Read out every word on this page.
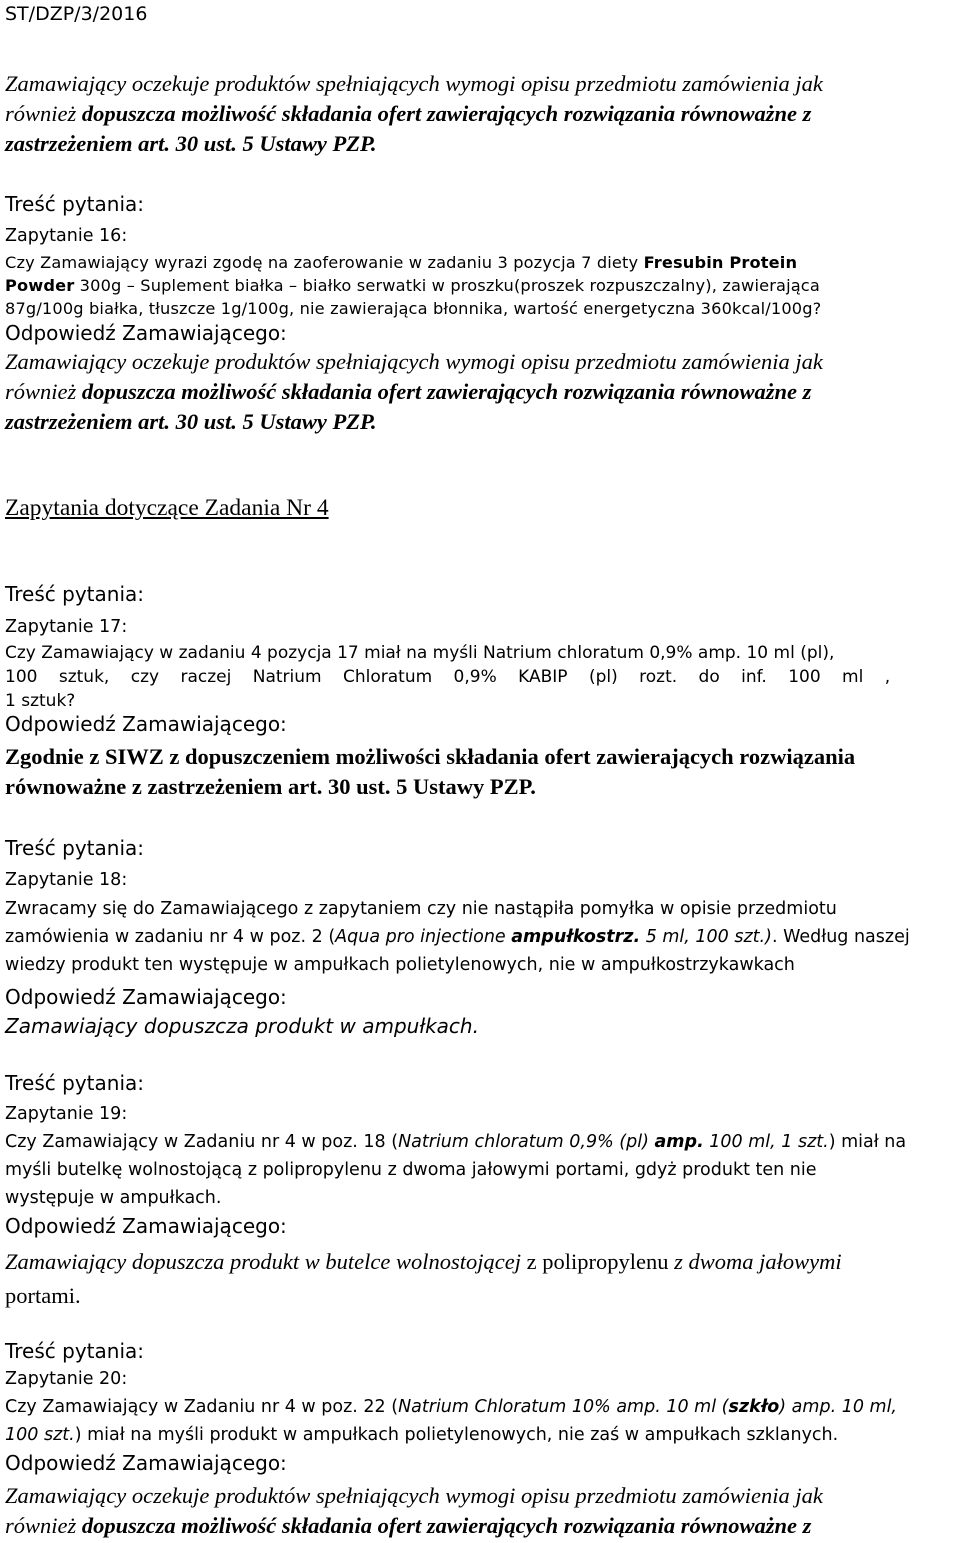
ST/DZP/3/2016
Zamawiający oczekuje produktów spełniających wymogi opisu przedmiotu zamówienia jak
również dopuszcza możliwość składania ofert zawierających rozwiązania równoważne z
zastrzeżeniem art. 30 ust. 5 Ustawy PZP.
Treść pytania:
Zapytanie 16:
Czy Zamawiający wyrazi zgodę na zaoferowanie w zadaniu 3 pozycja 7 diety Fresubin Protein
Powder 300g – Suplement białka – białko serwatki w proszku(proszek rozpuszczalny), zawierająca
87g/100g białka, tłuszcze 1g/100g, nie zawierająca błonnika, wartość energetyczna 360kcal/100g?
Odpowiedź Zamawiającego:
Zamawiający oczekuje produktów spełniających wymogi opisu przedmiotu zamówienia jak
również dopuszcza możliwość składania ofert zawierających rozwiązania równoważne z
zastrzeżeniem art. 30 ust. 5 Ustawy PZP.
Zapytania dotyczące Zadania Nr 4
Treść pytania:
Zapytanie 17:
Czy Zamawiający w zadaniu 4 pozycja 17 miał na myśli Natrium chloratum 0,9% amp. 10 ml (pl),
100 sztuk, czy raczej Natrium Chloratum 0,9% KABIP (pl) rozt. do inf. 100 ml ,
1 sztuk?
Odpowiedź Zamawiającego:
Zgodnie z SIWZ z dopuszczeniem możliwości składania ofert zawierających rozwiązania
równoważne z zastrzeżeniem art. 30 ust. 5 Ustawy PZP.
Treść pytania:
Zapytanie 18:
Zwracamy się do Zamawiającego z zapytaniem czy nie nastąpiła pomyłka w opisie przedmiotu
zamówienia w zadaniu nr 4 w poz. 2 (Aqua pro injectione ampułkostrz. 5 ml, 100 szt.). Według naszej
wiedzy produkt ten występuje w ampułkach polietylenowych, nie w ampułkostrzykawkach
Odpowiedź Zamawiającego:
Zamawiający dopuszcza produkt w ampułkach.
Treść pytania:
Zapytanie 19:
Czy Zamawiający w Zadaniu nr 4 w poz. 18 (Natrium chloratum 0,9% (pl) amp. 100 ml, 1 szt.) miał na
myśli butelkę wolnostojącą z polipropylenu z dwoma jałowymi portami, gdyż produkt ten nie
występuje w ampułkach.
Odpowiedź Zamawiającego:
Zamawiający dopuszcza produkt w butelce wolnostojącej z polipropylenu z dwoma jałowymi
portami.
Treść pytania:
Zapytanie 20:
Czy Zamawiający w Zadaniu nr 4 w poz. 22 (Natrium Chloratum 10% amp. 10 ml (szkło) amp. 10 ml,
100 szt.) miał na myśli produkt w ampułkach polietylenowych, nie zaś w ampułkach szklanych.
Odpowiedź Zamawiającego:
Zamawiający oczekuje produktów spełniających wymogi opisu przedmiotu zamówienia jak
również dopuszcza możliwość składania ofert zawierających rozwiązania równoważne z
